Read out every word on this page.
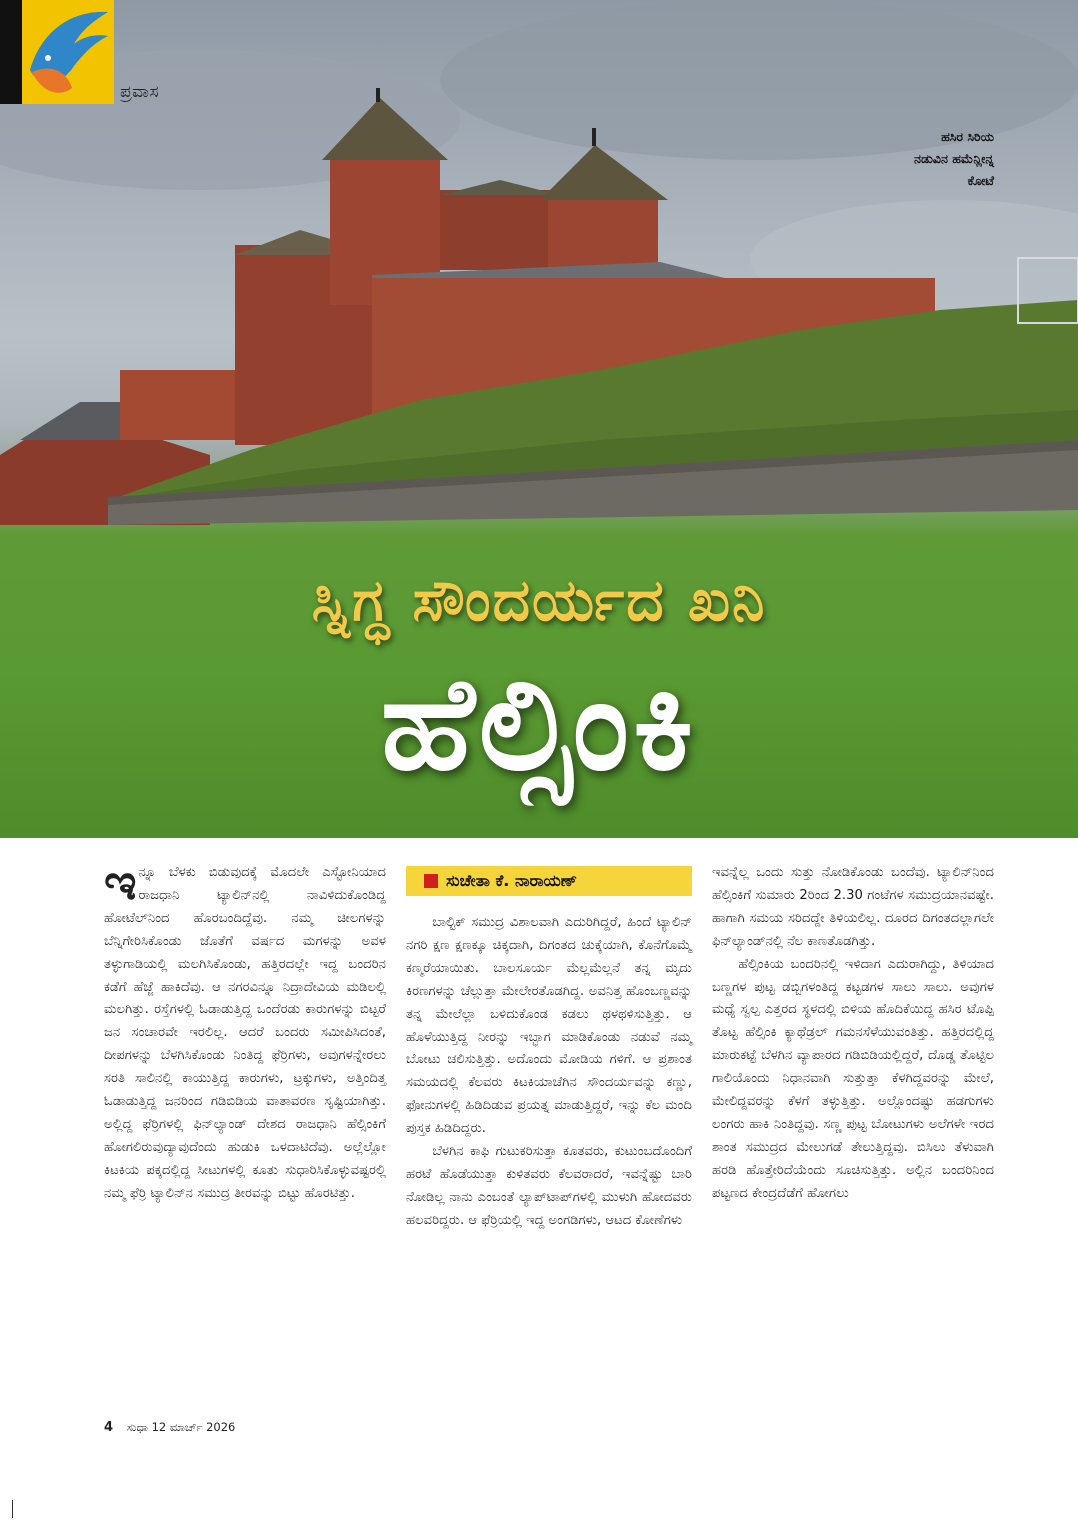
ಪ್ರವಾಸ
ಹಸಿರ ಸಿರಿಯ
ನಡುವಿನ ಹಮೆನ್ಲೀನ್ನ
ಕೋಟೆ
ಸ್ನಿಗ್ಧ ಸೌಂದರ್ಯದ ಖನಿ
ಹೆಲ್ಸಿಂಕಿ
ಸುಚೇತಾ ಕೆ. ನಾರಾಯಣ್

ಇನ್ನೂ ಬೆಳಕು ಬಿಡುವುದಕ್ಕೆ ಮೊದಲೇ ಎಸ್ಟೋನಿಯಾದ ರಾಜಧಾನಿ ಟ್ಯಾಲಿನ್‌ನಲ್ಲಿ ನಾವಿಳಿದುಕೊಂಡಿದ್ದ ಹೋಟೆಲ್‌ನಿಂದ ಹೊರಬಂದಿದ್ದೆವು. ನಮ್ಮ ಚೀಲಗಳನ್ನು ಬೆನ್ನಿಗೇರಿಸಿಕೊಂಡು ಜೊತೆಗೆ ವರ್ಷದ ಮಗಳನ್ನು ಅವಳ ತಳ್ಳುಗಾಡಿಯಲ್ಲಿ ಮಲಗಿಸಿಕೊಂಡು, ಹತ್ತಿರದಲ್ಲೇ ಇದ್ದ ಬಂದರಿನ ಕಡೆಗೆ ಹೆಜ್ಜೆ ಹಾಕಿದೆವು. ಆ ನಗರವಿನ್ನೂ ನಿದ್ರಾದೇವಿಯ ಮಡಿಲಲ್ಲಿ ಮಲಗಿತ್ತು. ರಸ್ತೆಗಳಲ್ಲಿ ಓಡಾಡುತ್ತಿದ್ದ ಒಂದೆರಡು ಕಾರುಗಳನ್ನು ಬಿಟ್ಟರೆ ಜನ ಸಂಚಾರವೇ ಇರಲಿಲ್ಲ. ಆದರೆ ಬಂದರು ಸಮೀಪಿಸಿದಂತೆ, ದೀಪಗಳನ್ನು ಬೆಳಗಿಸಿಕೊಂಡು ನಿಂತಿದ್ದ ಫೆರ್ರಿಗಳು, ಅವುಗಳನ್ನೇರಲು ಸರತಿ ಸಾಲಿನಲ್ಲಿ ಕಾಯುತ್ತಿದ್ದ ಕಾರುಗಳು, ಟ್ರಕ್ಕುಗಳು, ಅತ್ತಿಂದಿತ್ತ ಓಡಾಡುತ್ತಿದ್ದ ಜನರಿಂದ ಗಡಿಬಿಡಿಯ ವಾತಾವರಣ ಸೃಷ್ಟಿಯಾಗಿತ್ತು. ಅಲ್ಲಿದ್ದ ಫೆರ್ರಿಗಳಲ್ಲಿ ಫಿನ್‌ಲ್ಯಾಂಡ್ ದೇಶದ ರಾಜಧಾನಿ ಹೆಲ್ಸಿಂಕಿಗೆ ಹೋಗಲಿರುವುದ್ಯಾವುದೆಂದು ಹುಡುಕಿ ಒಳದಾಟಿದೆವು. ಅಲ್ಲೆಲ್ಲೋ ಕಿಟಕಿಯ ಪಕ್ಕದಲ್ಲಿದ್ದ ಸೀಟುಗಳಲ್ಲಿ ಕೂತು ಸುಧಾರಿಸಿಕೊಳ್ಳುವಷ್ಟರಲ್ಲಿ ನಮ್ಮ ಫೆರ್ರಿ ಟ್ಯಾಲಿನ್‌ನ ಸಮುದ್ರ ತೀರವನ್ನು ಬಿಟ್ಟು ಹೊರಟಿತ್ತು.

ಬಾಲ್ಟಿಕ್ ಸಮುದ್ರ ವಿಶಾಲವಾಗಿ ಎದುರಿಗಿದ್ದರೆ, ಹಿಂದೆ ಟ್ಯಾಲಿನ್ ನಗರಿ ಕ್ಷಣ ಕ್ಷಣಕ್ಕೂ ಚಿಕ್ಕದಾಗಿ, ದಿಗಂತದ ಚುಕ್ಕೆಯಾಗಿ, ಕೊನೆಗೊಮ್ಮೆ ಕಣ್ಮರೆಯಾಯಿತು. ಬಾಲಸೂರ್ಯ ಮೆಲ್ಲಮೆಲ್ಲನೆ ತನ್ನ ಮೃದು ಕಿರಣಗಳನ್ನು ಚೆಲ್ಲುತ್ತಾ ಮೇಲೇರತೊಡಗಿದ್ದ. ಅವನಿತ್ತ ಹೊಂಬಣ್ಣವನ್ನು ತನ್ನ ಮೇಲೆಲ್ಲಾ ಬಳಿದುಕೊಂಡ ಕಡಲು ಥಳಥಳಿಸುತ್ತಿತ್ತು. ಆ ಹೊಳೆಯುತ್ತಿದ್ದ ನೀರನ್ನು ಇಬ್ಭಾಗ ಮಾಡಿಕೊಂಡು ನಡುವೆ ನಮ್ಮ ಬೋಟು ಚಲಿಸುತ್ತಿತ್ತು. ಅದೊಂದು ಮೋಡಿಯ ಗಳಿಗೆ. ಆ ಪ್ರಶಾಂತ ಸಮಯದಲ್ಲಿ ಕೆಲವರು ಕಿಟಕಿಯಾಚೆಗಿನ ಸೌಂದರ್ಯವನ್ನು ಕಣ್ಣು, ಫೋನುಗಳಲ್ಲಿ ಹಿಡಿದಿಡುವ ಪ್ರಯತ್ನ ಮಾಡುತ್ತಿದ್ದರೆ, ಇನ್ನು ಕೆಲ ಮಂದಿ ಪುಸ್ತಕ ಹಿಡಿದಿದ್ದರು.

ಬೆಳಗಿನ ಕಾಫಿ ಗುಟುಕರಿಸುತ್ತಾ ಕೂತವರು, ಕುಟುಂಬದೊಂದಿಗೆ ಹರಟೆ ಹೊಡೆಯುತ್ತಾ ಕುಳಿತವರು ಕೆಲವರಾದರೆ, ಇವನ್ನೆಷ್ಟು ಬಾರಿ ನೋಡಿಲ್ಲ ನಾನು ಎಂಬಂತೆ ಲ್ಯಾಪ್‌ಟಾಪ್‌ಗಳಲ್ಲಿ ಮುಳುಗಿ ಹೋದವರು ಹಲವರಿದ್ದರು. ಆ ಫೆರ್ರಿಯಲ್ಲಿ ಇದ್ದ ಅಂಗಡಿಗಳು, ಆಟದ ಕೋಣೆಗಳು

ಇವನ್ನೆಲ್ಲ ಒಂದು ಸುತ್ತು ನೋಡಿಕೊಂಡು ಬಂದೆವು. ಟ್ಯಾಲಿನ್‌ನಿಂದ ಹೆಲ್ಸಿಂಕಿಗೆ ಸುಮಾರು 2ರಿಂದ 2.30 ಗಂಟೆಗಳ ಸಮುದ್ರಯಾನವಷ್ಟೇ. ಹಾಗಾಗಿ ಸಮಯ ಸರಿದದ್ದೇ ತಿಳಿಯಲಿಲ್ಲ. ದೂರದ ದಿಗಂತದಲ್ಲಾಗಲೇ ಫಿನ್‌ಲ್ಯಾಂಡ್‌ನಲ್ಲಿ ನೆಲ ಕಾಣತೊಡಗಿತ್ತು.

ಹೆಲ್ಸಿಂಕಿಯ ಬಂದರಿನಲ್ಲಿ ಇಳಿದಾಗ ಎದುರಾಗಿದ್ದು, ತಿಳಿಯಾದ ಬಣ್ಣಗಳ ಪುಟ್ಟ ಡಬ್ಬಿಗಳಂತಿದ್ದ ಕಟ್ಟಡಗಳ ಸಾಲು ಸಾಲು. ಅವುಗಳ ಮಧ್ಯೆ ಸ್ವಲ್ಪ ಎತ್ತರದ ಸ್ಥಳದಲ್ಲಿ ಬಿಳಿಯ ಹೊದಿಕೆಯಿದ್ದ ಹಸಿರ ಟೊಪ್ಪಿ ತೊಟ್ಟ ಹೆಲ್ಸಿಂಕಿ ಕ್ಯಾಥೆಡ್ರಲ್ ಗಮನಸೆಳೆಯುವಂತಿತ್ತು. ಹತ್ತಿರದಲ್ಲಿದ್ದ ಮಾರುಕಟ್ಟೆ ಬೆಳಗಿನ ವ್ಯಾಪಾರದ ಗಡಿಬಿಡಿಯಲ್ಲಿದ್ದರೆ, ದೊಡ್ಡ ತೊಟ್ಟಿಲ ಗಾಲಿಯೊಂದು ನಿಧಾನವಾಗಿ ಸುತ್ತುತ್ತಾ ಕೆಳಗಿದ್ದವರನ್ನು ಮೇಲೆ, ಮೇಲಿದ್ದವರನ್ನು ಕೆಳಗೆ ತಳ್ಳುತ್ತಿತ್ತು. ಅಲ್ಲೊಂದಷ್ಟು ಹಡಗುಗಳು ಲಂಗರು ಹಾಕಿ ನಿಂತಿದ್ದವು. ಸಣ್ಣ ಪುಟ್ಟ ಬೋಟುಗಳು ಅಲೆಗಳೇ ಇರದ ಶಾಂತ ಸಮುದ್ರದ ಮೇಲುಗಡೆ ತೇಲುತ್ತಿದ್ದವು. ಬಿಸಿಲು ತೆಳುವಾಗಿ ಹರಡಿ ಹೊತ್ತೇರಿದೆಯೆಂದು ಸೂಚಿಸುತ್ತಿತ್ತು. ಅಲ್ಲಿನ ಬಂದರಿನಿಂದ ಪಟ್ಟಣದ ಕೇಂದ್ರದೆಡೆಗೆ ಹೋಗಲು

4 ಸುಧಾ 12 ಮಾರ್ಚ್ 2026
